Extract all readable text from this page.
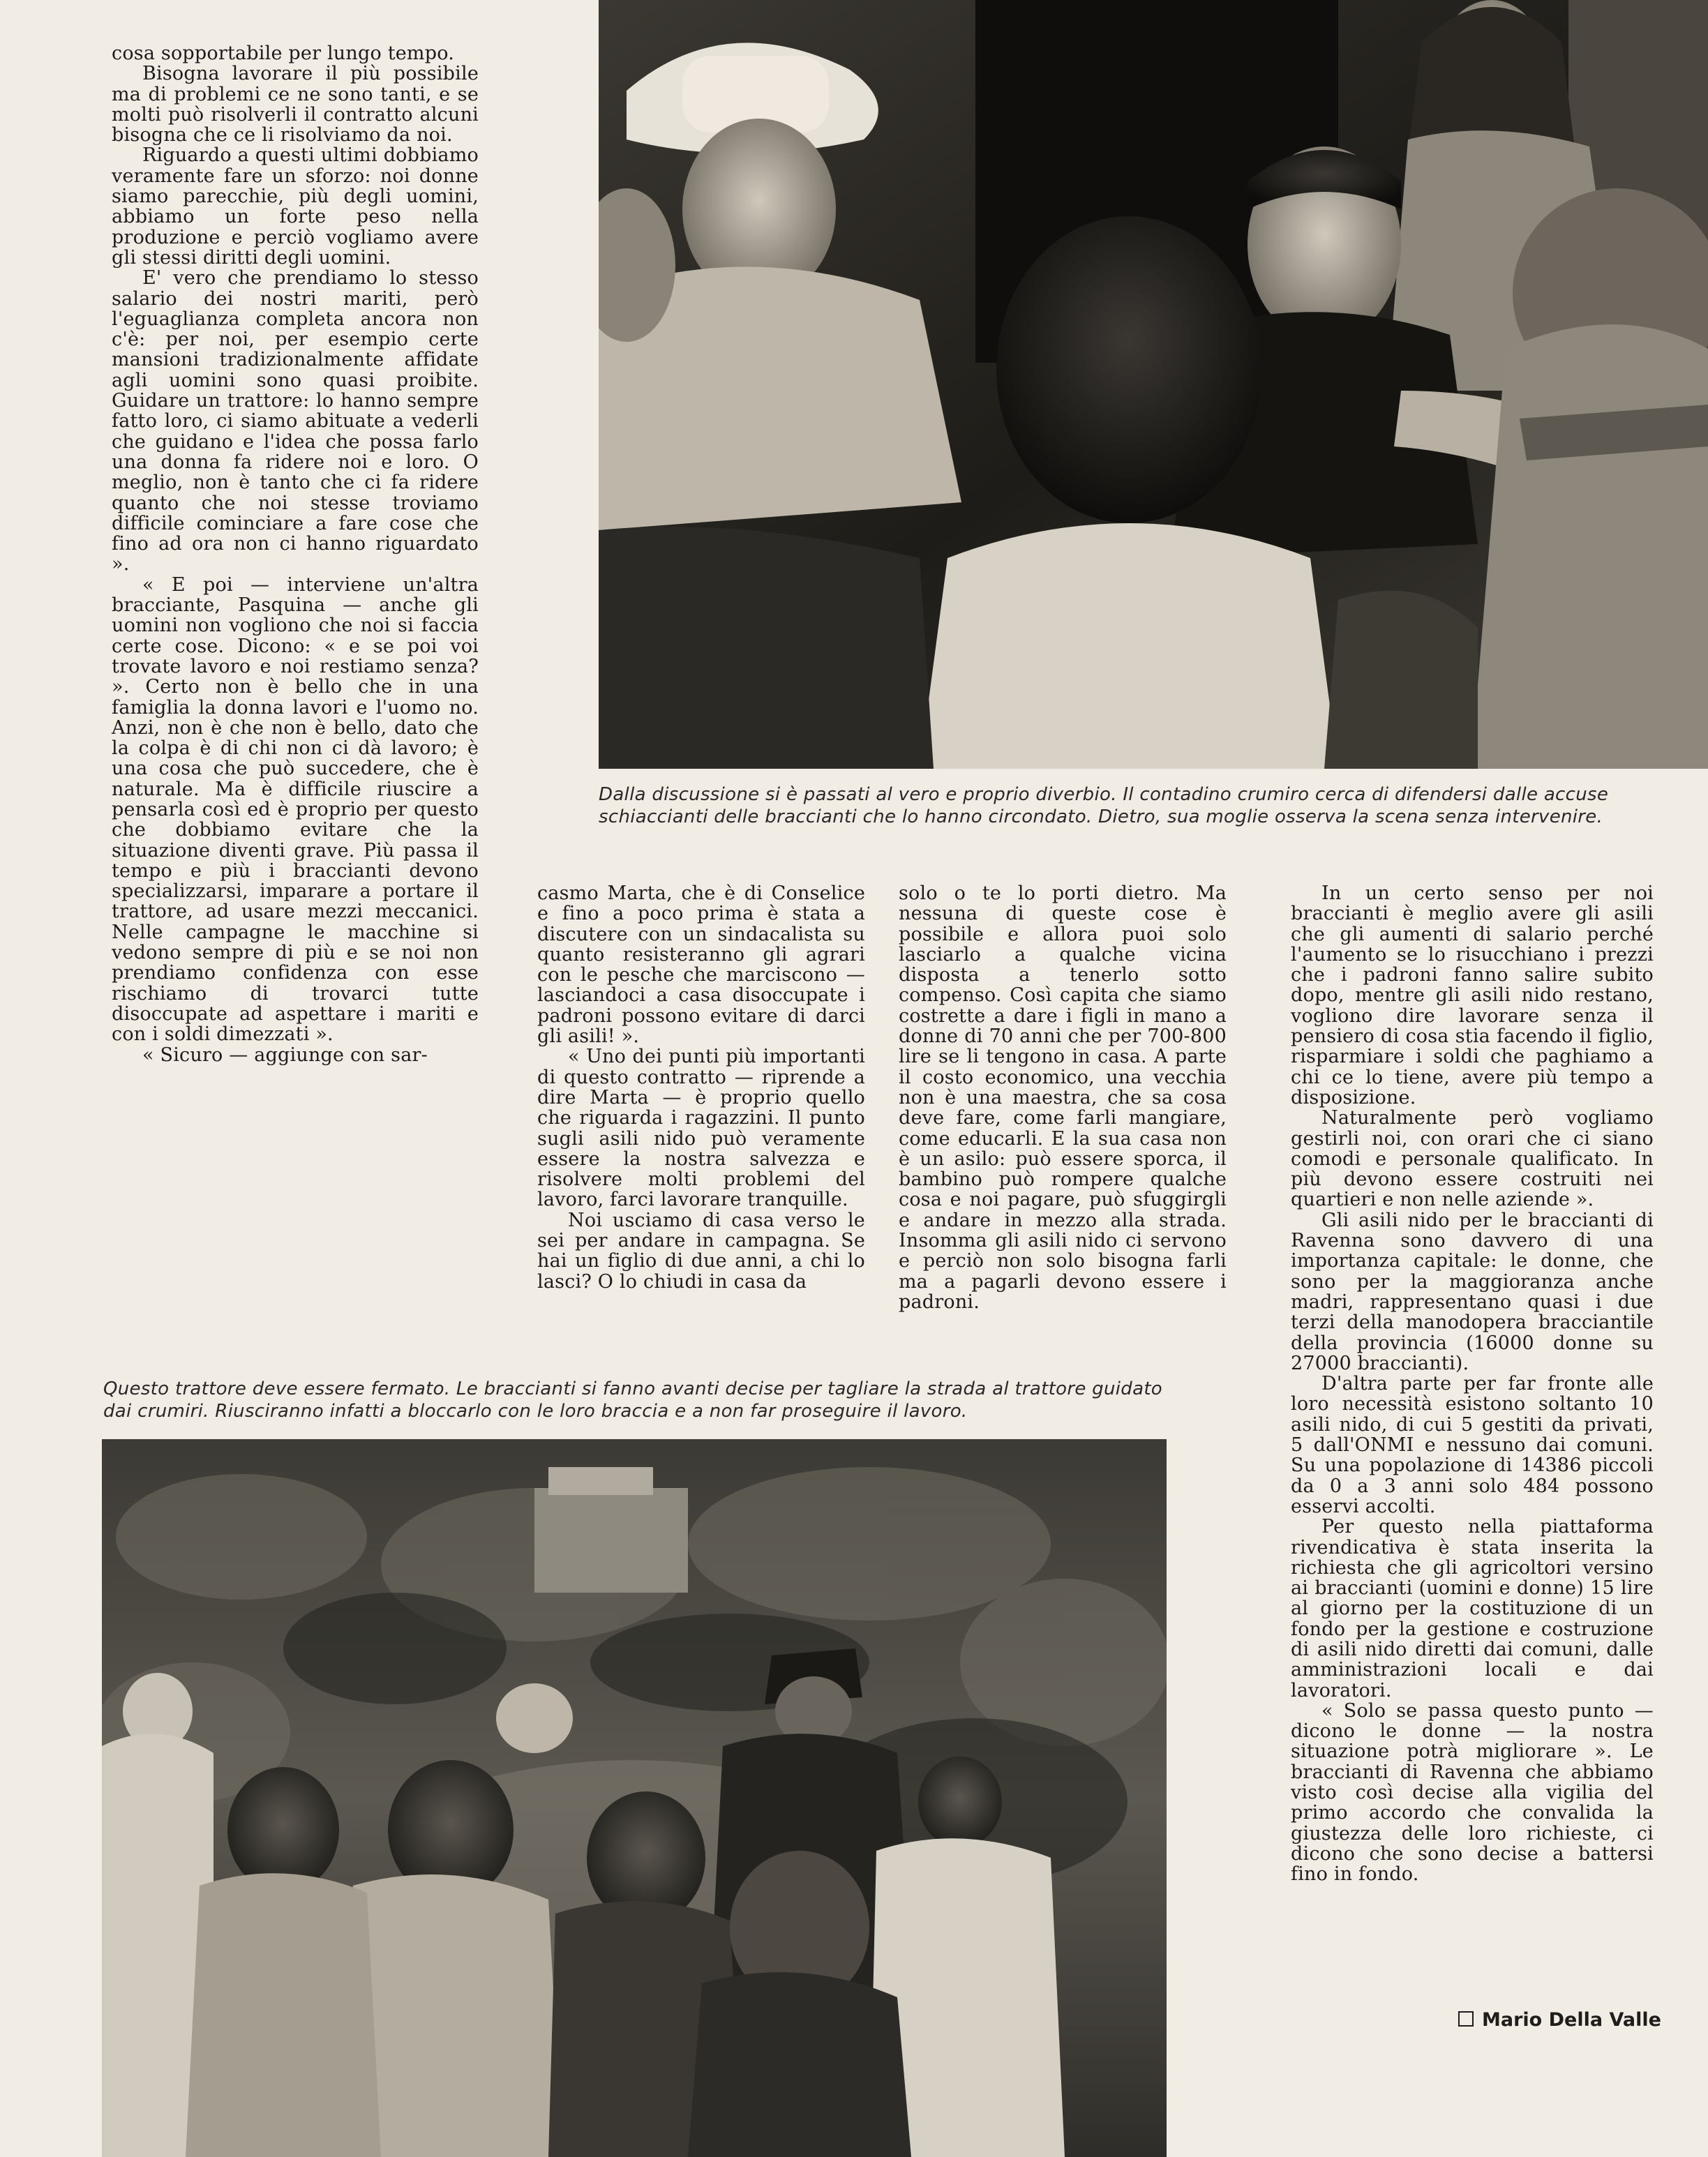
cosa sopportabile per lungo tempo.

Bisogna lavorare il più possibile ma di problemi ce ne sono tanti, e se molti può risolverli il contratto alcuni bisogna che ce li risolviamo da noi.

Riguardo a questi ultimi dobbiamo veramente fare un sforzo: noi donne siamo parecchie, più degli uomini, abbiamo un forte peso nella produzione e perciò vogliamo avere gli stessi diritti degli uomini.

E' vero che prendiamo lo stesso salario dei nostri mariti, però l'eguaglianza completa ancora non c'è: per noi, per esempio certe mansioni tradizionalmente affidate agli uomini sono quasi proibite. Guidare un trattore: lo hanno sempre fatto loro, ci siamo abituate a vederli che guidano e l'idea che possa farlo una donna fa ridere noi e loro. O meglio, non è tanto che ci fa ridere quanto che noi stesse troviamo difficile cominciare a fare cose che fino ad ora non ci hanno riguardato ».

« E poi — interviene un'altra bracciante, Pasquina — anche gli uomini non vogliono che noi si faccia certe cose. Dicono: « e se poi voi trovate lavoro e noi restiamo senza? ». Certo non è bello che in una famiglia la donna lavori e l'uomo no. Anzi, non è che non è bello, dato che la colpa è di chi non ci dà lavoro; è una cosa che può succedere, che è naturale. Ma è difficile riuscire a pensarla così ed è proprio per questo che dobbiamo evitare che la situazione diventi grave. Più passa il tempo e più i braccianti devono specializzarsi, imparare a portare il trattore, ad usare mezzi meccanici. Nelle campagne le macchine si vedono sempre di più e se noi non prendiamo confidenza con esse rischiamo di trovarci tutte disoccupate ad aspettare i mariti e con i soldi dimezzati ».

« Sicuro — aggiunge con sar-

Dalla discussione si è passati al vero e proprio diverbio. Il contadino crumiro cerca di difendersi dalle accuse schiaccianti delle braccianti che lo hanno circondato. Dietro, sua moglie osserva la scena senza intervenire.

casmo Marta, che è di Conselice e fino a poco prima è stata a discutere con un sindacalista su quanto resisteranno gli agrari con le pesche che marciscono — lasciandoci a casa disoccupate i padroni possono evitare di darci gli asili! ».

« Uno dei punti più importanti di questo contratto — riprende a dire Marta — è proprio quello che riguarda i ragazzini. Il punto sugli asili nido può veramente essere la nostra salvezza e risolvere molti problemi del lavoro, farci lavorare tranquille.

Noi usciamo di casa verso le sei per andare in campagna. Se hai un figlio di due anni, a chi lo lasci? O lo chiudi in casa da

solo o te lo porti dietro. Ma nessuna di queste cose è possibile e allora puoi solo lasciarlo a qualche vicina disposta a tenerlo sotto compenso. Così capita che siamo costrette a dare i figli in mano a donne di 70 anni che per 700-800 lire se li tengono in casa. A parte il costo economico, una vecchia non è una maestra, che sa cosa deve fare, come farli mangiare, come educarli. E la sua casa non è un asilo: può essere sporca, il bambino può rompere qualche cosa e noi pagare, può sfuggirgli e andare in mezzo alla strada. Insomma gli asili nido ci servono e perciò non solo bisogna farli ma a pagarli devono essere i padroni.

In un certo senso per noi braccianti è meglio avere gli asili che gli aumenti di salario perché l'aumento se lo risucchiano i prezzi che i padroni fanno salire subito dopo, mentre gli asili nido restano, vogliono dire lavorare senza il pensiero di cosa stia facendo il figlio, risparmiare i soldi che paghiamo a chi ce lo tiene, avere più tempo a disposizione.

Naturalmente però vogliamo gestirli noi, con orari che ci siano comodi e personale qualificato. In più devono essere costruiti nei quartieri e non nelle aziende ».

Gli asili nido per le braccianti di Ravenna sono davvero di una importanza capitale: le donne, che sono per la maggioranza anche madri, rappresentano quasi i due terzi della manodopera bracciantile della provincia (16000 donne su 27000 braccianti).

D'altra parte per far fronte alle loro necessità esistono soltanto 10 asili nido, di cui 5 gestiti da privati, 5 dall'ONMI e nessuno dai comuni. Su una popolazione di 14386 piccoli da 0 a 3 anni solo 484 possono esservi accolti.

Per questo nella piattaforma rivendicativa è stata inserita la richiesta che gli agricoltori versino ai braccianti (uomini e donne) 15 lire al giorno per la costituzione di un fondo per la gestione e costruzione di asili nido diretti dai comuni, dalle amministrazioni locali e dai lavoratori.

« Solo se passa questo punto — dicono le donne — la nostra situazione potrà migliorare ». Le braccianti di Ravenna che abbiamo visto così decise alla vigilia del primo accordo che convalida la giustezza delle loro richieste, ci dicono che sono decise a battersi fino in fondo.

Mario Della Valle
Questo trattore deve essere fermato. Le braccianti si fanno avanti decise per tagliare la strada al trattore guidato dai crumiri. Riusciranno infatti a bloccarlo con le loro braccia e a non far proseguire il lavoro.
